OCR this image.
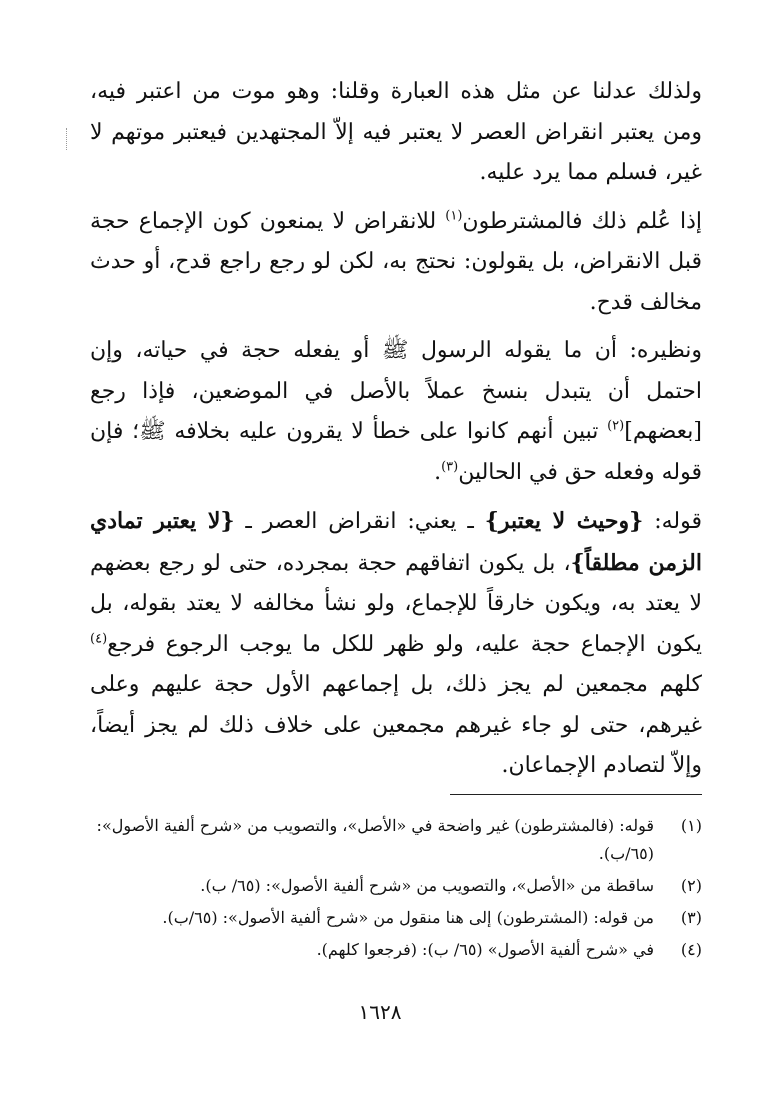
ولذلك عدلنا عن مثل هذه العبارة وقلنا: وهو موت من اعتبر فيه، ومن يعتبر انقراض العصر لا يعتبر فيه إلاّ المجتهدين فيعتبر موتهم لا غير، فسلم مما يرد عليه.

إذا عُلم ذلك فالمشترطون$^{(١)}$ للانقراض لا يمنعون كون الإجماع حجة قبل الانقراض، بل يقولون: نحتج به، لكن لو رجع راجع قدح، أو حدث مخالف قدح.

ونظيره: أن ما يقوله الرسول ﷺ أو يفعله حجة في حياته، وإن احتمل أن يتبدل بنسخ عملاً بالأصل في الموضعين، فإذا رجع [بعضهم]$^{(٢)}$ تبين أنهم كانوا على خطأ لا يقرون عليه بخلافه ﷺ؛ فإن قوله وفعله حق في الحالين$^{(٣)}$.

قوله: {وحيث لا يعتبر} ـ يعني: انقراض العصر ـ {لا يعتبر تمادي الزمن مطلقاً}، بل يكون اتفاقهم حجة بمجرده، حتى لو رجع بعضهم لا يعتد به، ويكون خارقاً للإجماع، ولو نشأ مخالفه لا يعتد بقوله، بل يكون الإجماع حجة عليه، ولو ظهر للكل ما يوجب الرجوع فرجع$^{(٤)}$ كلهم مجمعين لم يجز ذلك، بل إجماعهم الأول حجة عليهم وعلى غيرهم، حتى لو جاء غيرهم مجمعين على خلاف ذلك لم يجز أيضاً، وإلاّ لتصادم الإجماعان.

(١)
قوله: (فالمشترطون) غير واضحة في «الأصل»، والتصويب من «شرح ألفية الأصول»: (٦٥/ب).
(٢)
ساقطة من «الأصل»، والتصويب من «شرح ألفية الأصول»: (٦٥/ ب).
(٣)
من قوله: (المشترطون) إلى هنا منقول من «شرح ألفية الأصول»: (٦٥/ب).
(٤)
في «شرح ألفية الأصول» (٦٥/ ب): (فرجعوا كلهم).
١٦٢٨
